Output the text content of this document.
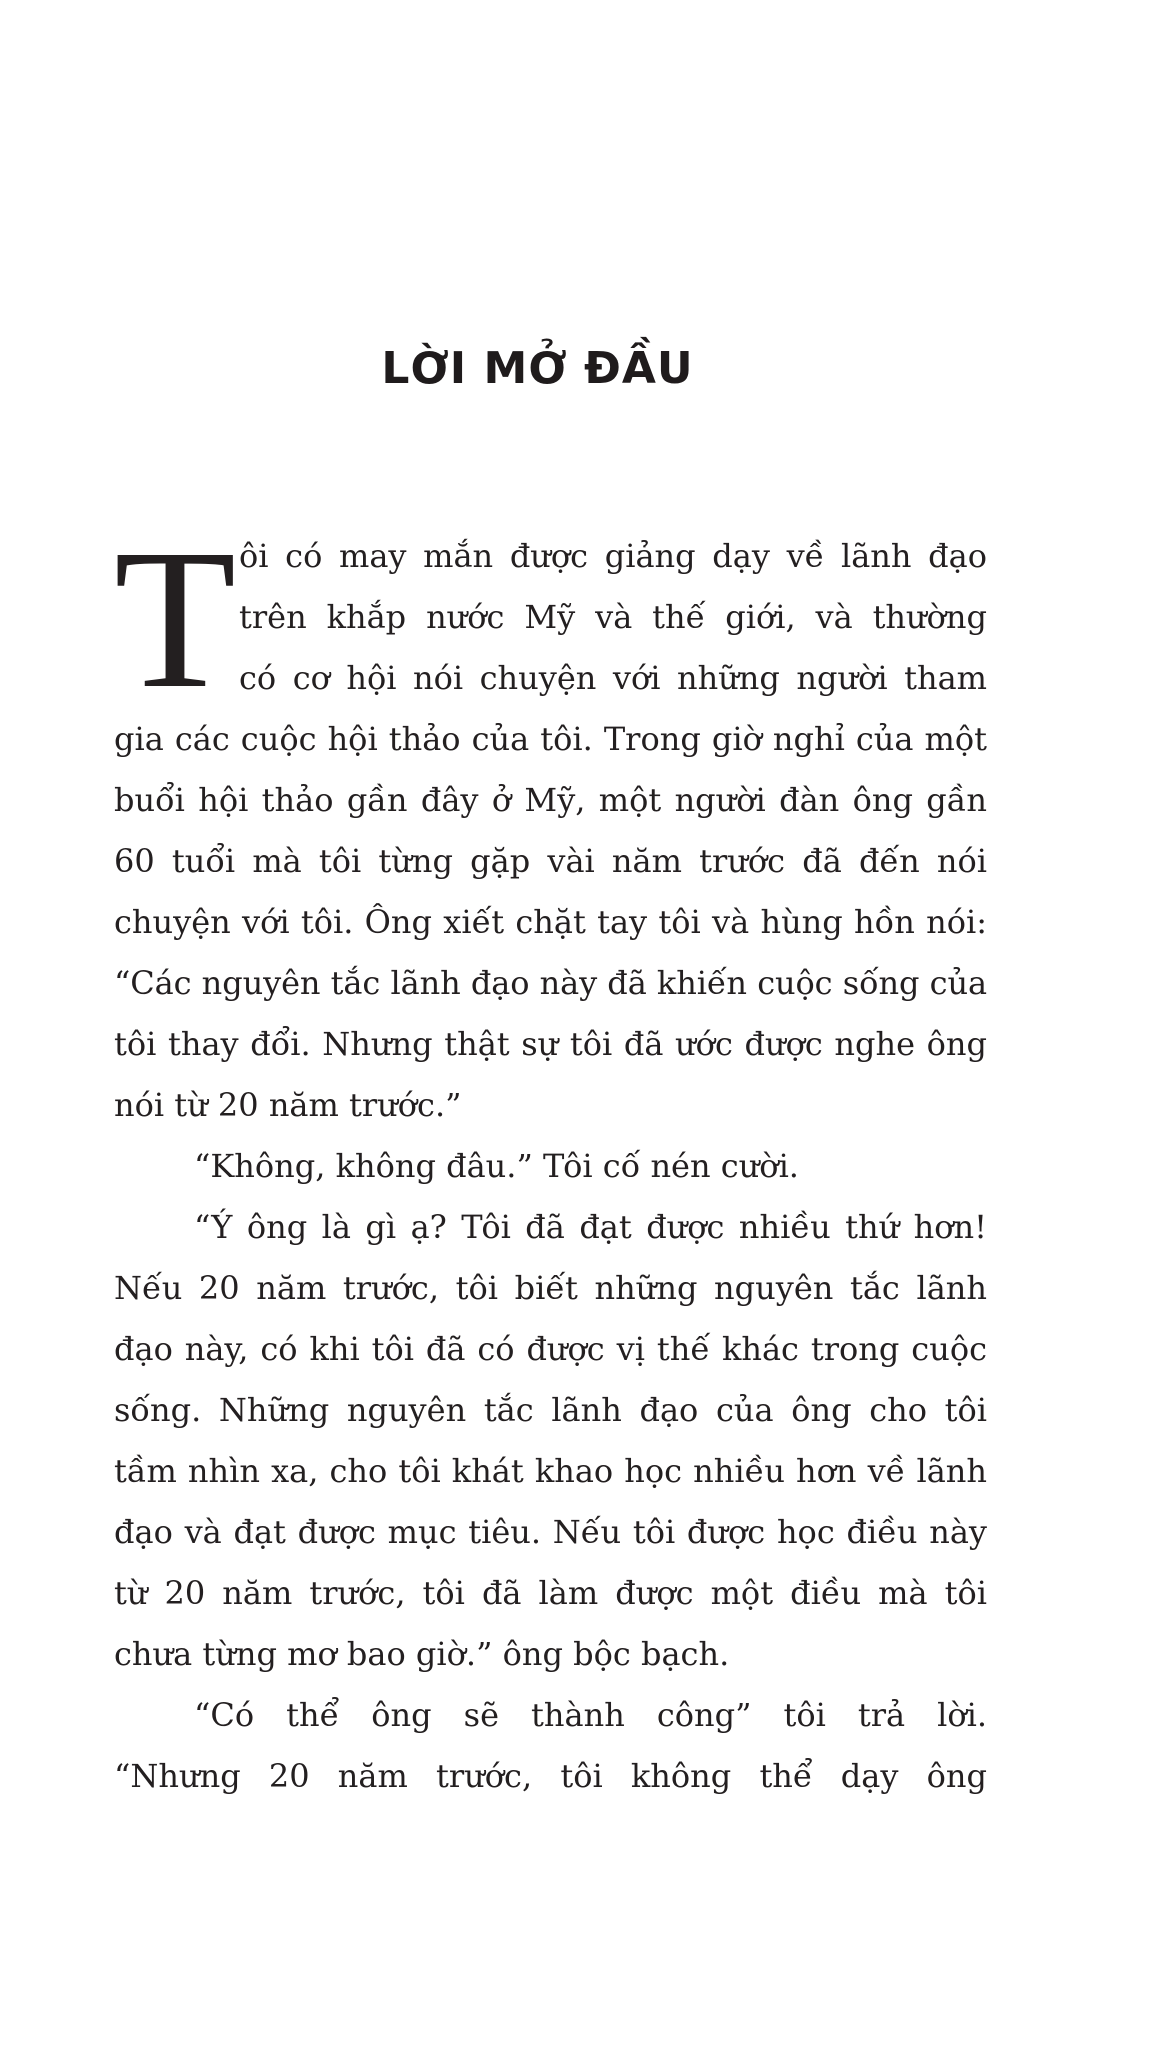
LỜI MỞ ĐẦU
T ôi có may mắn được giảng dạy về lãnh đạo
trên khắp nước Mỹ và thế giới, và thường
có cơ hội nói chuyện với những người tham
gia các cuộc hội thảo của tôi. Trong giờ nghỉ của một
buổi hội thảo gần đây ở Mỹ, một người đàn ông gần
60 tuổi mà tôi từng gặp vài năm trước đã đến nói
chuyện với tôi. Ông xiết chặt tay tôi và hùng hồn nói:
“Các nguyên tắc lãnh đạo này đã khiến cuộc sống của
tôi thay đổi. Nhưng thật sự tôi đã ước được nghe ông
nói từ 20 năm trước.”
“Không, không đâu.” Tôi cố nén cười.
“Ý ông là gì ạ? Tôi đã đạt được nhiều thứ hơn!
Nếu 20 năm trước, tôi biết những nguyên tắc lãnh
đạo này, có khi tôi đã có được vị thế khác trong cuộc
sống. Những nguyên tắc lãnh đạo của ông cho tôi
tầm nhìn xa, cho tôi khát khao học nhiều hơn về lãnh
đạo và đạt được mục tiêu. Nếu tôi được học điều này
từ 20 năm trước, tôi đã làm được một điều mà tôi
chưa từng mơ bao giờ.” ông bộc bạch.
“Có thể ông sẽ thành công” tôi trả lời.
“Nhưng 20 năm trước, tôi không thể dạy ông
